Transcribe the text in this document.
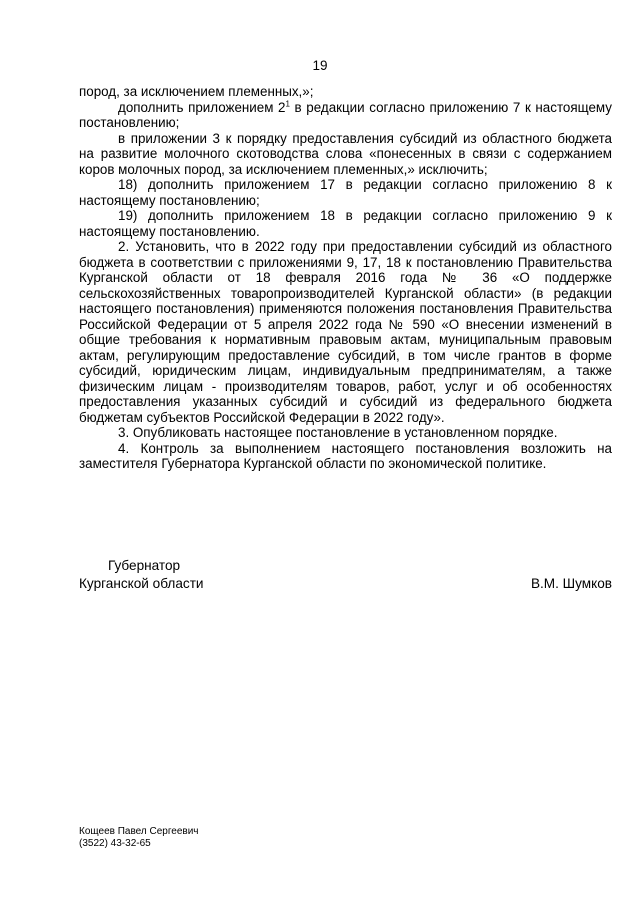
19

пород, за исключением племенных,»;

дополнить приложением $2^1$ в редакции согласно приложению 7 к настоящему постановлению;

в приложении 3 к порядку предоставления субсидий из областного бюджета на развитие молочного скотоводства слова «понесенных в связи с содержанием коров молочных пород, за исключением племенных,» исключить;

18) дополнить приложением 17 в редакции согласно приложению 8 к настоящему постановлению;

19) дополнить приложением 18 в редакции согласно приложению 9 к настоящему постановлению.

2. Установить, что в 2022 году при предоставлении субсидий из областного бюджета в соответствии с приложениями 9, 17, 18 к постановлению Правительства Курганской области от 18 февраля 2016 года № 36 «О поддержке сельскохозяйственных товаропроизводителей Курганской области» (в редакции настоящего постановления) применяются положения постановления Правительства Российской Федерации от 5 апреля 2022 года № 590 «О внесении изменений в общие требования к нормативным правовым актам, муниципальным правовым актам, регулирующим предоставление субсидий, в том числе грантов в форме субсидий, юридическим лицам, индивидуальным предпринимателям, а также физическим лицам - производителям товаров, работ, услуг и об особенностях предоставления указанных субсидий и субсидий из федерального бюджета бюджетам субъектов Российской Федерации в 2022 году».

3. Опубликовать настоящее постановление в установленном порядке.

4. Контроль за выполнением настоящего постановления возложить на заместителя Губернатора Курганской области по экономической политике.

Губернатор
Курганской области	В.М. Шумков
Кощеев Павел Сергеевич
(3522) 43-32-65
